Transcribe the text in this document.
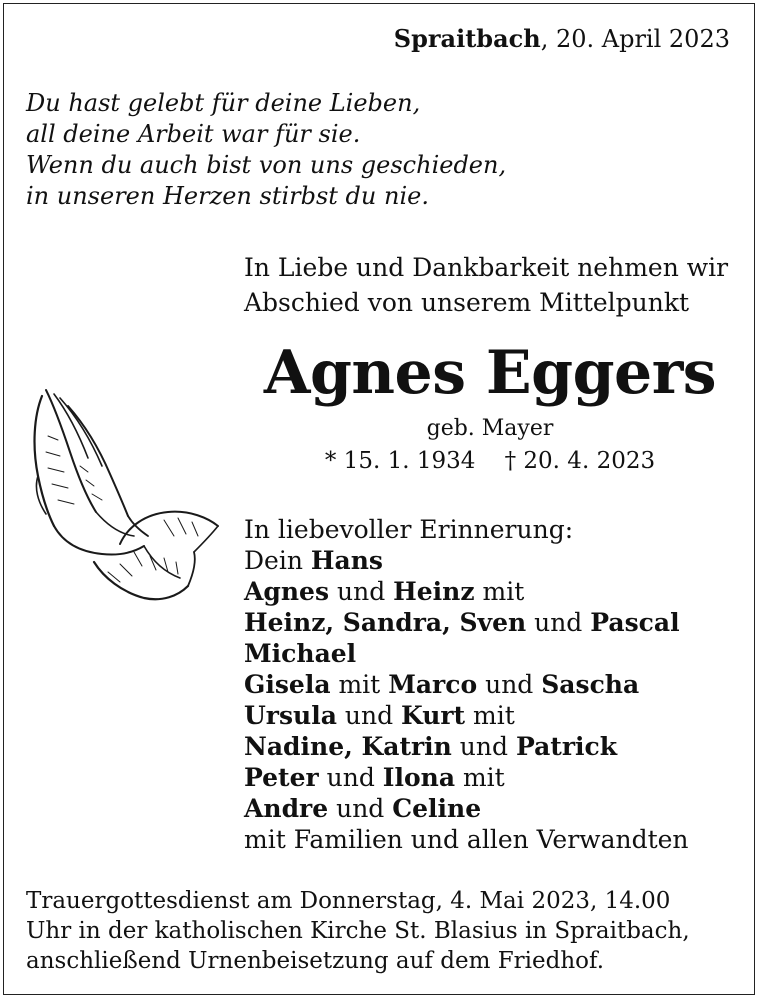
Spraitbach, 20. April 2023
Du hast gelebt für deine Lieben,
all deine Arbeit war für sie.
Wenn du auch bist von uns geschieden,
in unseren Herzen stirbst du nie.
In Liebe und Dankbarkeit nehmen wir
Abschied von unserem Mittelpunkt
Agnes Eggers
geb. Mayer
* 15. 1. 1934    † 20. 4. 2023
In liebevoller Erinnerung:
Dein Hans
Agnes und Heinz mit
Heinz, Sandra, Sven und Pascal
Michael
Gisela mit Marco und Sascha
Ursula und Kurt mit
Nadine, Katrin und Patrick
Peter und Ilona mit
Andre und Celine
mit Familien und allen Verwandten
Trauergottesdienst am Donnerstag, 4. Mai 2023, 14.00
Uhr in der katholischen Kirche St. Blasius in Spraitbach,
anschließend Urnenbeisetzung auf dem Friedhof.
